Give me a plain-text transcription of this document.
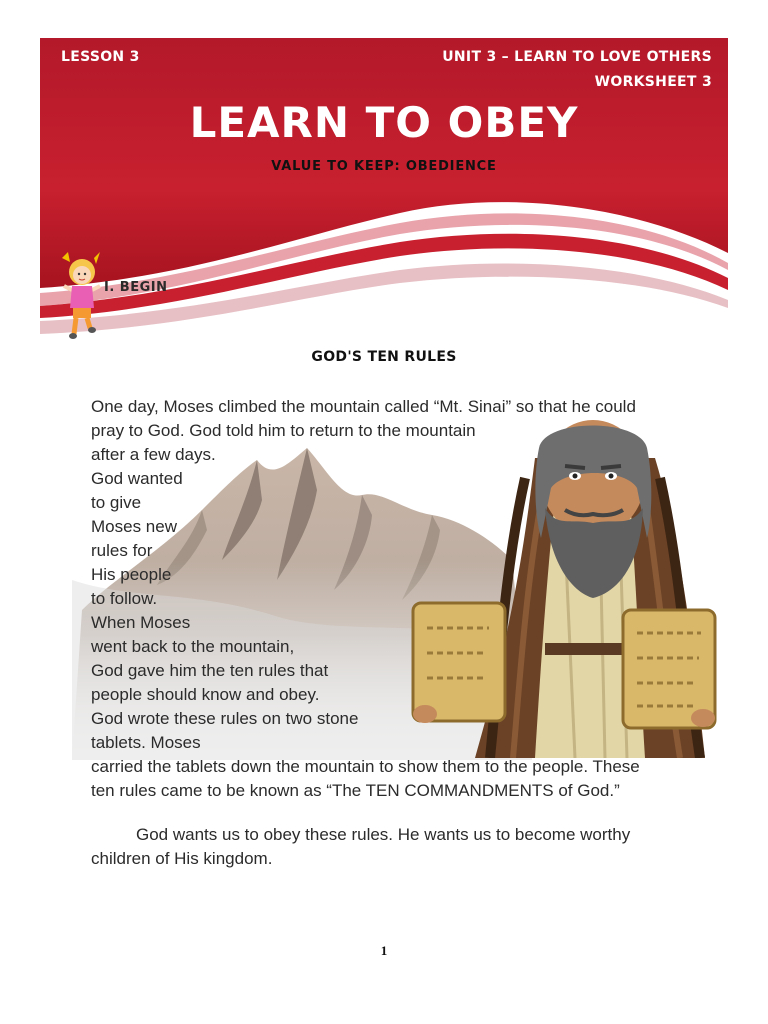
LESSON 3	UNIT 3 – LEARN TO LOVE OTHERS
WORKSHEET 3
LEARN TO OBEY
VALUE TO KEEP: OBEDIENCE
I. BEGIN
GOD'S TEN RULES
One day, Moses climbed the mountain called “Mt. Sinai” so that he could
pray to God. God told him to return to the mountain
after a few days.
God wanted
to give
Moses new
rules for
His people
to follow.
When Moses
went back to the mountain,
God gave him the ten rules that
people should know and obey.
God wrote these rules on two stone
tablets. Moses
carried the tablets down the mountain to show them to the people. These
ten rules came to be known as “The TEN COMMANDMENTS of God.”
God wants us to obey these rules. He wants us to become worthy
children of His kingdom.
1
